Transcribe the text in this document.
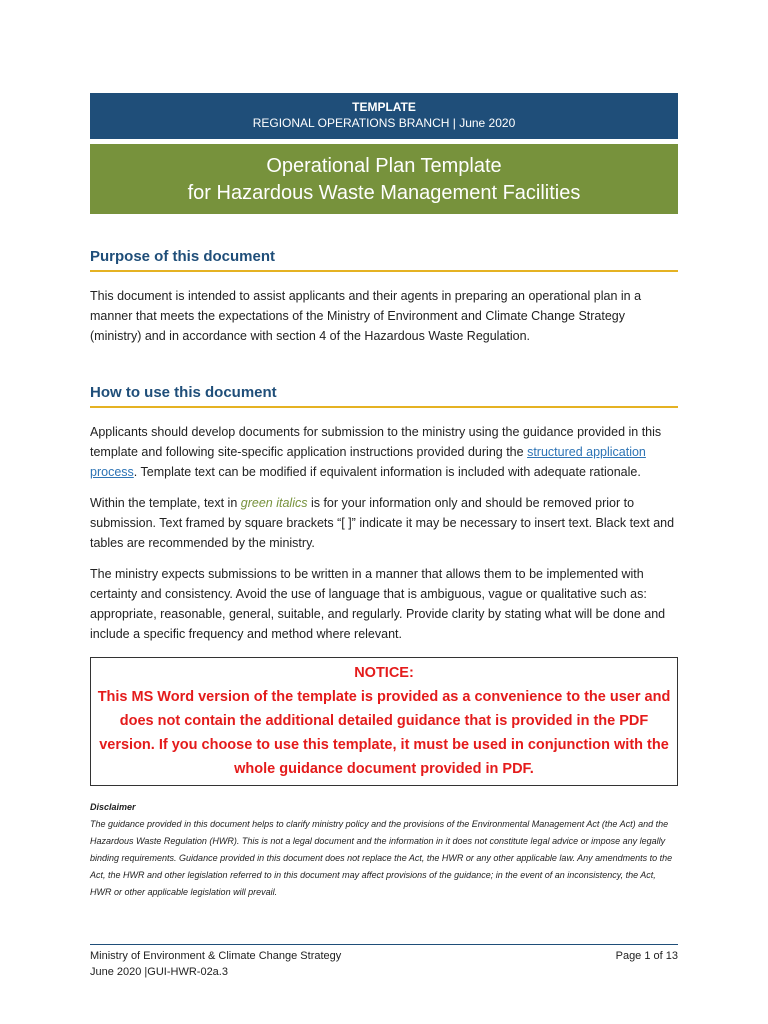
TEMPLATE
REGIONAL OPERATIONS BRANCH | June 2020
Operational Plan Template
for Hazardous Waste Management Facilities
Purpose of this document

This document is intended to assist applicants and their agents in preparing an operational plan in a manner that meets the expectations of the Ministry of Environment and Climate Change Strategy (ministry) and in accordance with section 4 of the Hazardous Waste Regulation.

How to use this document

Applicants should develop documents for submission to the ministry using the guidance provided in this template and following site-specific application instructions provided during the structured application process. Template text can be modified if equivalent information is included with adequate rationale.

Within the template, text in green italics is for your information only and should be removed prior to submission. Text framed by square brackets “[ ]” indicate it may be necessary to insert text. Black text and tables are recommended by the ministry.

The ministry expects submissions to be written in a manner that allows them to be implemented with certainty and consistency. Avoid the use of language that is ambiguous, vague or qualitative such as: appropriate, reasonable, general, suitable, and regularly. Provide clarity by stating what will be done and include a specific frequency and method where relevant.

NOTICE:
This MS Word version of the template is provided as a convenience to the user and does not contain the additional detailed guidance that is provided in the PDF version. If you choose to use this template, it must be used in conjunction with the whole guidance document provided in PDF.
Disclaimer
The guidance provided in this document helps to clarify ministry policy and the provisions of the Environmental Management Act (the Act) and the Hazardous Waste Regulation (HWR). This is not a legal document and the information in it does not constitute legal advice or impose any legally binding requirements. Guidance provided in this document does not replace the Act, the HWR or any other applicable law. Any amendments to the Act, the HWR and other legislation referred to in this document may affect provisions of the guidance; in the event of an inconsistency, the Act, HWR or other applicable legislation will prevail.
Ministry of Environment & Climate Change Strategy
June 2020 |GUI-HWR-02a.3
Page 1 of 13
